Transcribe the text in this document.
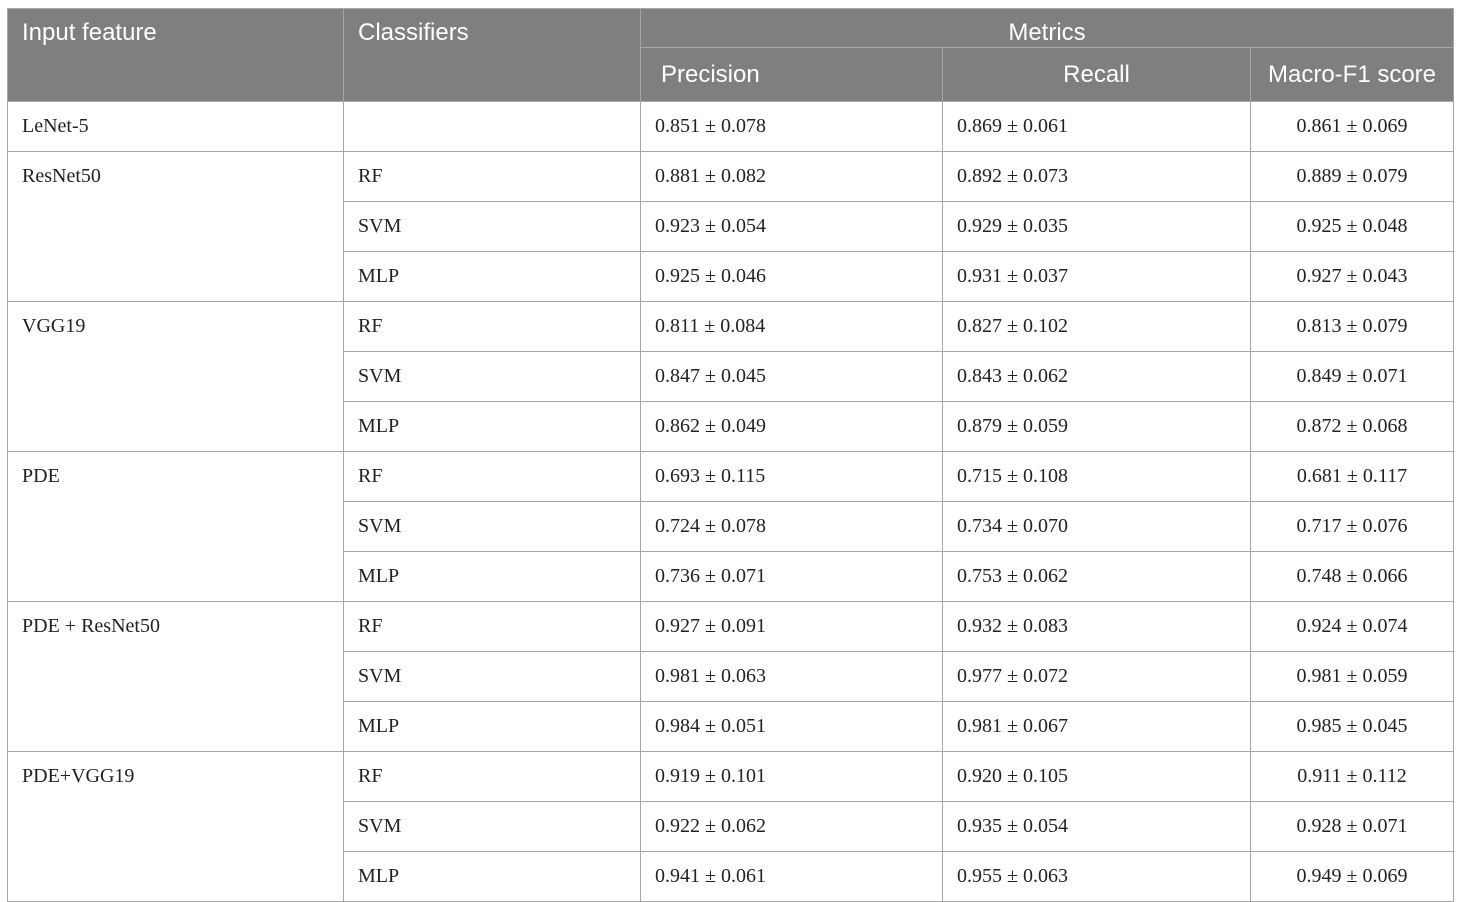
Input feature	Classifiers	Metrics		
		Precision	Recall	Macro-F1 score
LeNet-5		0.851 ± 0.078	0.869 ± 0.061	0.861 ± 0.069
ResNet50	RF	0.881 ± 0.082	0.892 ± 0.073	0.889 ± 0.079
	SVM	0.923 ± 0.054	0.929 ± 0.035	0.925 ± 0.048
	MLP	0.925 ± 0.046	0.931 ± 0.037	0.927 ± 0.043
VGG19	RF	0.811 ± 0.084	0.827 ± 0.102	0.813 ± 0.079
	SVM	0.847 ± 0.045	0.843 ± 0.062	0.849 ± 0.071
	MLP	0.862 ± 0.049	0.879 ± 0.059	0.872 ± 0.068
PDE	RF	0.693 ± 0.115	0.715 ± 0.108	0.681 ± 0.117
	SVM	0.724 ± 0.078	0.734 ± 0.070	0.717 ± 0.076
	MLP	0.736 ± 0.071	0.753 ± 0.062	0.748 ± 0.066
PDE + ResNet50	RF	0.927 ± 0.091	0.932 ± 0.083	0.924 ± 0.074
	SVM	0.981 ± 0.063	0.977 ± 0.072	0.981 ± 0.059
	MLP	0.984 ± 0.051	0.981 ± 0.067	0.985 ± 0.045
PDE+VGG19	RF	0.919 ± 0.101	0.920 ± 0.105	0.911 ± 0.112
	SVM	0.922 ± 0.062	0.935 ± 0.054	0.928 ± 0.071
	MLP	0.941 ± 0.061	0.955 ± 0.063	0.949 ± 0.069
